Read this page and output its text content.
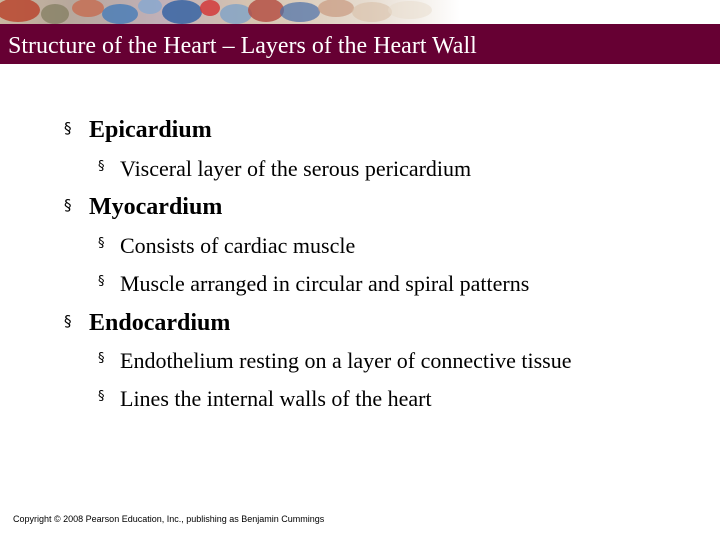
Structure of the Heart – Layers of the Heart Wall
§ Epicardium
§ Visceral layer of the serous pericardium
§ Myocardium
§ Consists of cardiac muscle
§ Muscle arranged in circular and spiral patterns
§ Endocardium
§ Endothelium resting on a layer of connective tissue
§ Lines the internal walls of the heart
Copyright © 2008 Pearson Education, Inc., publishing as Benjamin Cummings
